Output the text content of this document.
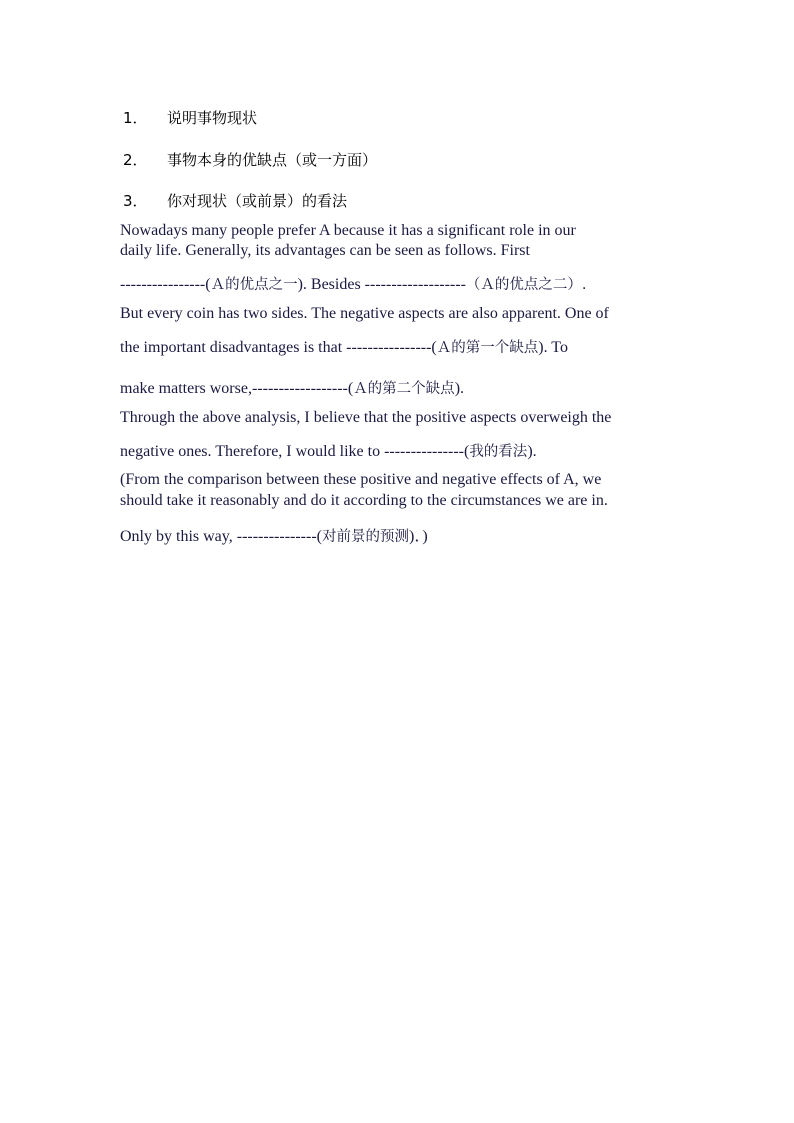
1． 说明事物现状
2． 事物本身的优缺点（或一方面）
3． 你对现状（或前景）的看法
Nowadays many people prefer A because it has a significant role in our
daily life. Generally, its advantages can be seen as follows. First
----------------(Ａ的优点之一). Besides -------------------（Ａ的优点之二）.
But every coin has two sides. The negative aspects are also apparent. One of
the important disadvantages is that ----------------(Ａ的第一个缺点). To
make matters worse,------------------(Ａ的第二个缺点).
Through the above analysis, I believe that the positive aspects overweigh the
negative ones. Therefore, I would like to ---------------(我的看法).
(From the comparison between these positive and negative effects of A, we
should take it reasonably and do it according to the circumstances we are in.
Only by this way, ---------------(对前景的预测)．)
